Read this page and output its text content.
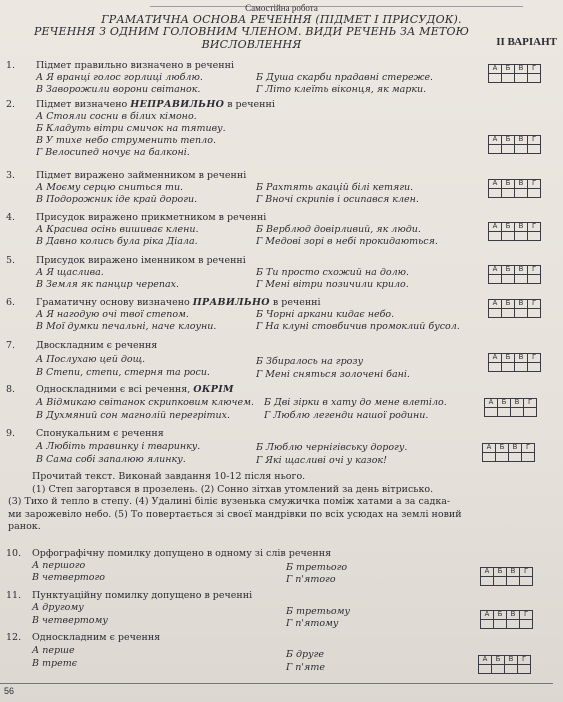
Самостійна робота
ГРАМАТИЧНА ОСНОВА РЕЧЕННЯ (ПІДМЕТ І ПРИСУДОК).
РЕЧЕННЯ З ОДНИМ ГОЛОВНИМ ЧЛЕНОМ. ВИДИ РЕЧЕНЬ ЗА МЕТОЮ ВИСЛОВЛЕННЯ	ІІ ВАРІАНТ
1.	Підмет правильно визначено в реченні
А Я вранці голос горлиці люблю.	Б Душа скарби прадавні стереже.
В Заворожили ворони світанок.	Г Літо клеїть віконця, як марки.
А	Б	В	Г

2.	Підмет визначено НЕПРАВИЛЬНО в реченні
А Стояли сосни в білих кімоно.
Б Кладуть вітри смичок на тятиву.
В У тихе небо струменить тепло.
Г Велосипед ночує на балконі.
А	Б	В	Г

3.	Підмет виражено займенником в реченні
А Моєму серцю сниться ти.	Б Рахтять акацій білі кетяги.
В Подорожник іде край дороги.	Г Вночі скрипів і осипався клен.
А	Б	В	Г

4.	Присудок виражено прикметником в реченні
А Красива осінь вишиває клени.	Б Верблюд довірливий, як люди.
В Давно колись була ріка Діала.	Г Медові зорі в небі прокидаються.
А	Б	В	Г

5.	Присудок виражено іменником в реченні
А Я щаслива.	Б Ти просто схожий на долю.
В Земля як панцир черепах.	Г Мені вітри позичили крило.
А	Б	В	Г

6.	Граматичну основу визначено ПРАВИЛЬНО в реченні
А Я нагодую очі твої степом.	Б Чорні аркани кидає небо.
В Мої думки печальні, наче клоуни.	Г На клуні стовбичив промоклий бусол.
А	Б	В	Г

7.	Двоскладним є речення
А Послухаю цей дощ.	Б Збиралось на грозу
В Степи, степи, стерня та роси.	Г Мені сняться золочені бані.
А	Б	В	Г

8.	Односкладними є всі речення, ОКРІМ
А Відмикаю світанок скрипковим ключем. Б Дві зірки в хату до мене влетіло.
В Духмяний сон магнолій перегрітих.	Г Люблю легенди нашої родини.
А	Б	В	Г

9.	Спонукальним є речення
А Любіть травинку і тваринку.	Б Люблю чернігівську дорогу.
В Сама собі запалюю ялинку.	Г Які щасливі очі у казок!
А	Б	В	Г

Прочитай текст. Виконай завдання 10-12 після нього.
(1) Степ загортався в прозелень. (2) Сонно зітхав утомлений за день вітрисько.
(3) Тихо й тепло в степу. (4) Удалині біліє вузенька смужичка поміж хатами а за садка-
ми зарожевіло небо. (5) То повертається зі своєї мандрівки по всіх усюдах на землі новий
ранок.
10.	Орфографічну помилку допущено в одному зі слів речення
А першого	Б третього
В четвертого	Г п'ятого
А	Б	В	Г

11.	Пунктуаційну помилку допущено в реченні
А другому	Б третьому
В четвертому	Г п'ятому
А	Б	В	Г

12.	Односкладним є речення
А перше	Б друге
В третє	Г п'яте
А	Б	В	Г

56
